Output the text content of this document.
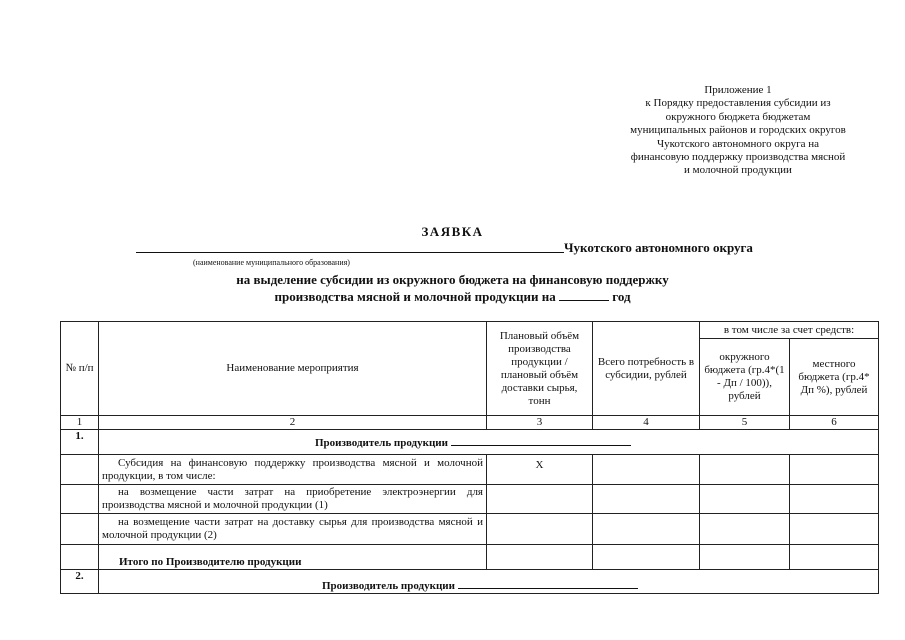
Приложение 1
к Порядку предоставления субсидии из
окружного бюджета бюджетам
муниципальных районов и городских округов
Чукотского автономного округа на
финансовую поддержку производства мясной
и молочной продукции
ЗАЯВКА
Чукотского автономного округа
(наименование муниципального образования)
на выделение субсидии из окружного бюджета на финансовую поддержку
производства мясной и молочной продукции на	год
№ п/п	Наименование мероприятия	Плановый объём производства продукции / плановый объём доставки сырья, тонн	Всего потребность в субсидии, рублей	в том числе за счет средств:	
				окружного бюджета (гр.4*(1 - Дп / 100)), рублей	местного бюджета (гр.4* Дп %), рублей
1	2	3	4	5	6
1.	Производитель продукции				
	Субсидия на финансовую поддержку производства мясной и молочной продукции, в том числе:	Х			
	на возмещение части затрат на приобретение электроэнергии для производства мясной и молочной продукции (1)				
	на возмещение части затрат на доставку сырья для производства мясной и молочной продукции (2)				
	Итого по Производителю продукции				
2.	Производитель продукции				
